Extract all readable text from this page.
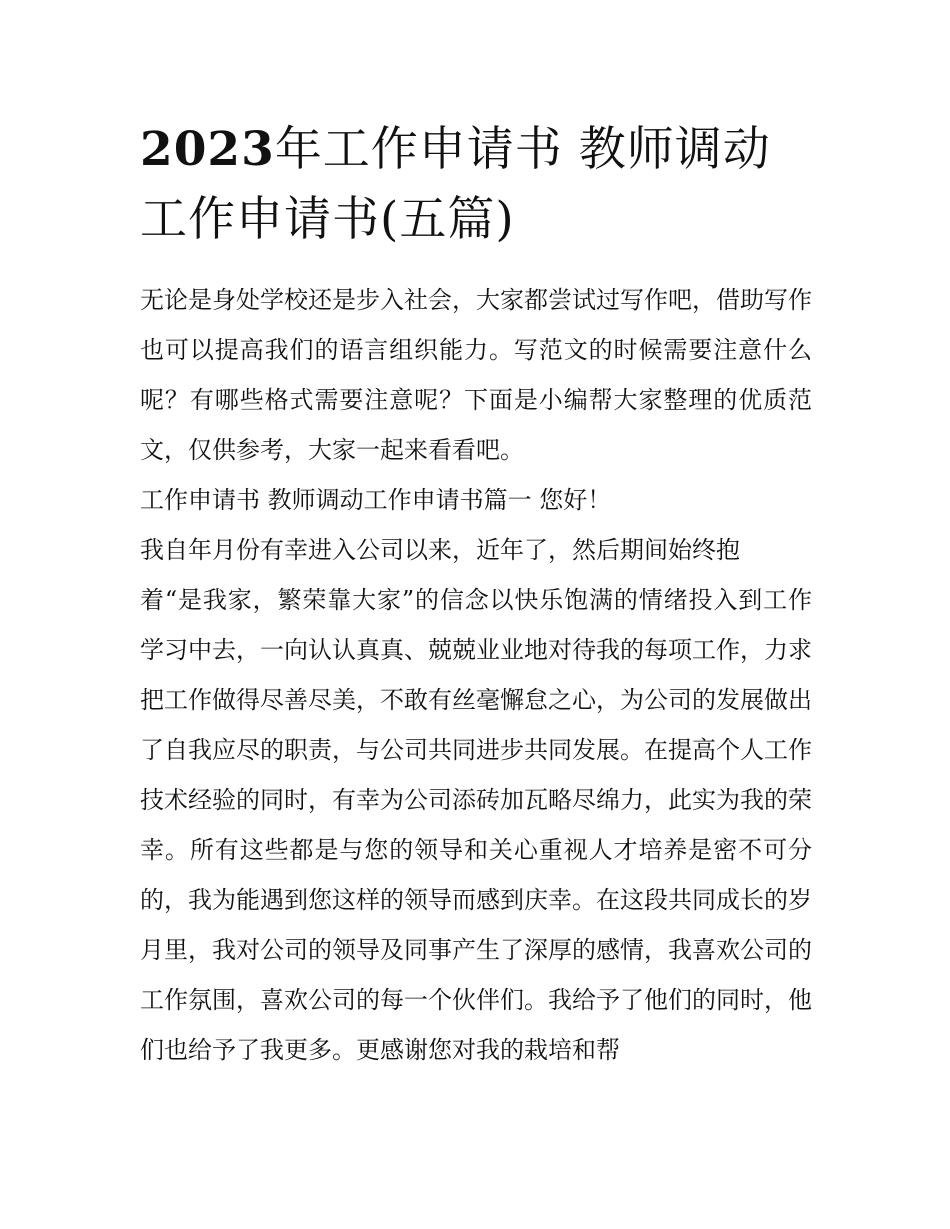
2023年工作申请书 教师调动工作申请书(五篇)

无论是身处学校还是步入社会，大家都尝试过写作吧，借助写作也可以提高我们的语言组织能力。写范文的时候需要注意什么呢？有哪些格式需要注意呢？下面是小编帮大家整理的优质范文，仅供参考，大家一起来看看吧。

工作申请书 教师调动工作申请书篇一 您好！

我自年月份有幸进入公司以来，近年了，然后期间始终抱

着“是我家，繁荣靠大家”的信念以快乐饱满的情绪投入到工作学习中去，一向认认真真、兢兢业业地对待我的每项工作，力求把工作做得尽善尽美，不敢有丝毫懈怠之心，为公司的发展做出了自我应尽的职责，与公司共同进步共同发展。在提高个人工作技术经验的同时，有幸为公司添砖加瓦略尽绵力，此实为我的荣幸。所有这些都是与您的领导和关心重视人才培养是密不可分的，我为能遇到您这样的领导而感到庆幸。在这段共同成长的岁月里，我对公司的领导及同事产生了深厚的感情，我喜欢公司的工作氛围，喜欢公司的每一个伙伴们。我给予了他们的同时，他们也给予了我更多。更感谢您对我的栽培和帮
